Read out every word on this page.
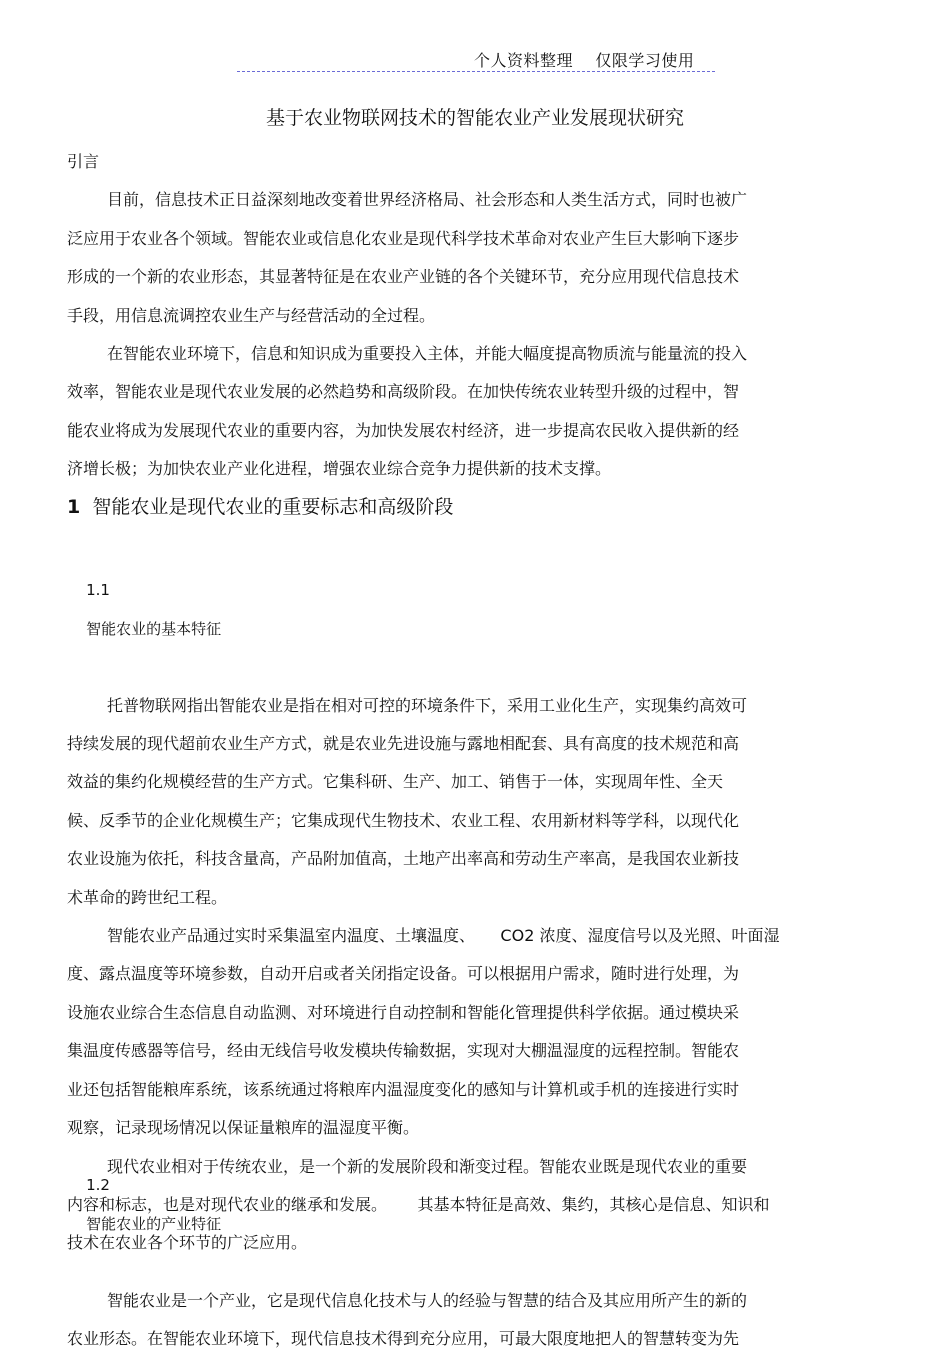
个人资料整理    仅限学习使用
基于农业物联网技术的智能农业产业发展现状研究
引言
目前，信息技术正日益深刻地改变着世界经济格局、社会形态和人类生活方式，同时也被广
泛应用于农业各个领域。智能农业或信息化农业是现代科学技术革命对农业产生巨大影响下逐步
形成的一个新的农业形态，其显著特征是在农业产业链的各个关键环节，充分应用现代信息技术
手段，用信息流调控农业生产与经营活动的全过程。
在智能农业环境下，信息和知识成为重要投入主体，并能大幅度提高物质流与能量流的投入
效率，智能农业是现代农业发展的必然趋势和高级阶段。在加快传统农业转型升级的过程中，智
能农业将成为发展现代农业的重要内容，为加快发展农村经济，进一步提高农民收入提供新的经
济增长极；为加快农业产业化进程，增强农业综合竞争力提供新的技术支撑。
1 智能农业是现代农业的重要标志和高级阶段

1.1
智能农业的基本特征

托普物联网指出智能农业是指在相对可控的环境条件下，采用工业化生产，实现集约高效可
持续发展的现代超前农业生产方式，就是农业先进设施与露地相配套、具有高度的技术规范和高
效益的集约化规模经营的生产方式。它集科研、生产、加工、销售于一体，实现周年性、全天
候、反季节的企业化规模生产；它集成现代生物技术、农业工程、农用新材料等学科，以现代化
农业设施为依托，科技含量高，产品附加值高，土地产出率高和劳动生产率高，是我国农业新技
术革命的跨世纪工程。
智能农业产品通过实时采集温室内温度、土壤温度、     CO2 浓度、湿度信号以及光照、叶面湿
度、露点温度等环境参数，自动开启或者关闭指定设备。可以根据用户需求，随时进行处理，为
设施农业综合生态信息自动监测、对环境进行自动控制和智能化管理提供科学依据。通过模块采
集温度传感器等信号，经由无线信号收发模块传输数据，实现对大棚温湿度的远程控制。智能农
业还包括智能粮库系统，该系统通过将粮库内温湿度变化的感知与计算机或手机的连接进行实时
观察，记录现场情况以保证量粮库的温湿度平衡。
现代农业相对于传统农业，是一个新的发展阶段和渐变过程。智能农业既是现代农业的重要
内容和标志，也是对现代农业的继承和发展。      其基本特征是高效、集约，其核心是信息、知识和
技术在农业各个环节的广泛应用。

1.2
智能农业的产业特征

智能农业是一个产业，它是现代信息化技术与人的经验与智慧的结合及其应用所产生的新的
农业形态。在智能农业环境下，现代信息技术得到充分应用，可最大限度地把人的智慧转变为先
